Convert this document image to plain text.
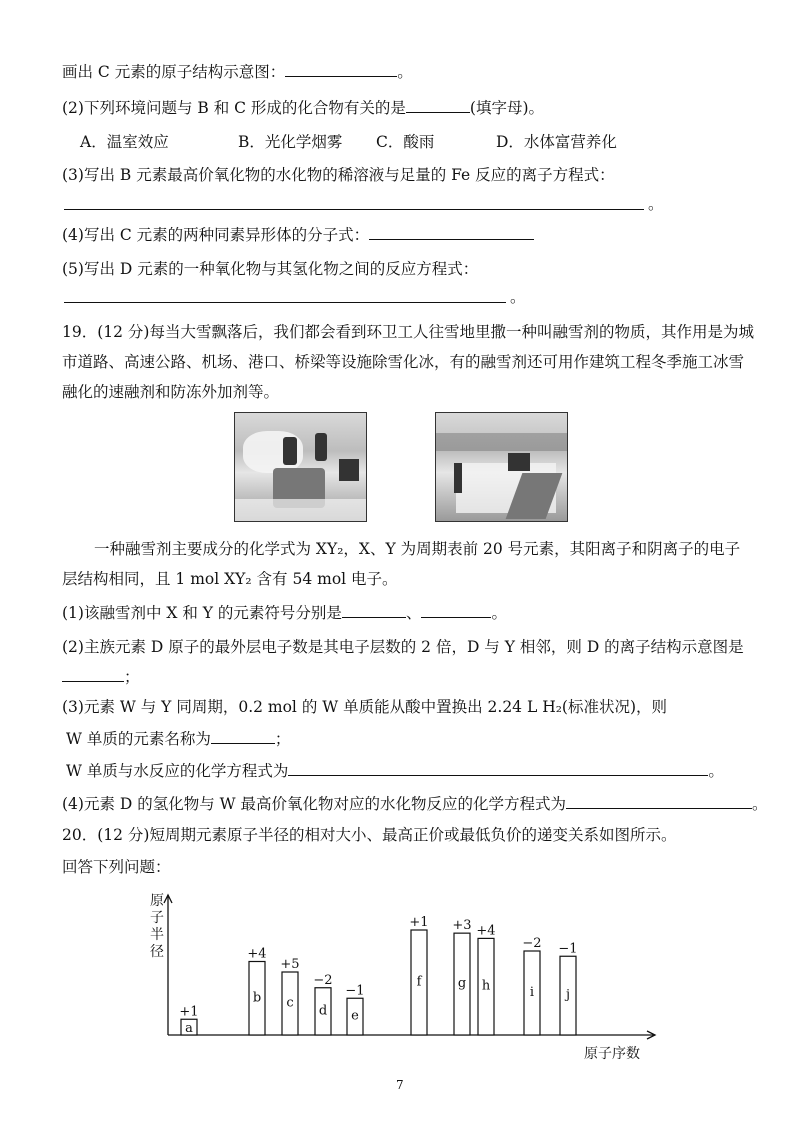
画出 C 元素的原子结构示意图：	。
(2)下列环境问题与 B 和 C 形成的化合物有关的是	(填字母)。
A．温室效应	B．光化学烟雾 C．酸雨	D．水体富营养化
(3)写出 B 元素最高价氧化物的水化物的稀溶液与足量的 Fe 反应的离子方程式：
。
(4)写出 C 元素的两种同素异形体的分子式：
(5)写出 D 元素的一种氧化物与其氢化物之间的反应方程式：
。
19．(12 分)每当大雪飘落后，我们都会看到环卫工人往雪地里撒一种叫融雪剂的物质，其作用是为城
市道路、高速公路、机场、港口、桥梁等设施除雪化冰，有的融雪剂还可用作建筑工程冬季施工冰雪
融化的速融剂和防冻外加剂等。
一种融雪剂主要成分的化学式为 XY₂，X、Y 为周期表前 20 号元素，其阳离子和阴离子的电子
层结构相同，且 1 mol XY₂ 含有 54 mol 电子。
(1)该融雪剂中 X 和 Y 的元素符号分别是	、	。
(2)主族元素 D 原子的最外层电子数是其电子层数的 2 倍，D 与 Y 相邻，则 D 的离子结构示意图是
；
(3)元素 W 与 Y 同周期，0.2 mol 的 W 单质能从酸中置换出 2.24 L H₂(标准状况)，则
W 单质的元素名称为	；
W 单质与水反应的化学方程式为	。
(4)元素 D 的氢化物与 W 最高价氧化物对应的水化物反应的化学方程式为	。
20．(12 分)短周期元素原子半径的相对大小、最高正价或最低负价的递变关系如图所示。
回答下列问题：
原
子
半
径
原子序数
a
+1
b
+4
c
+5
d
−2
e
−1
f
+1
g
+3
h
+4
i
−2
j
−1
7
